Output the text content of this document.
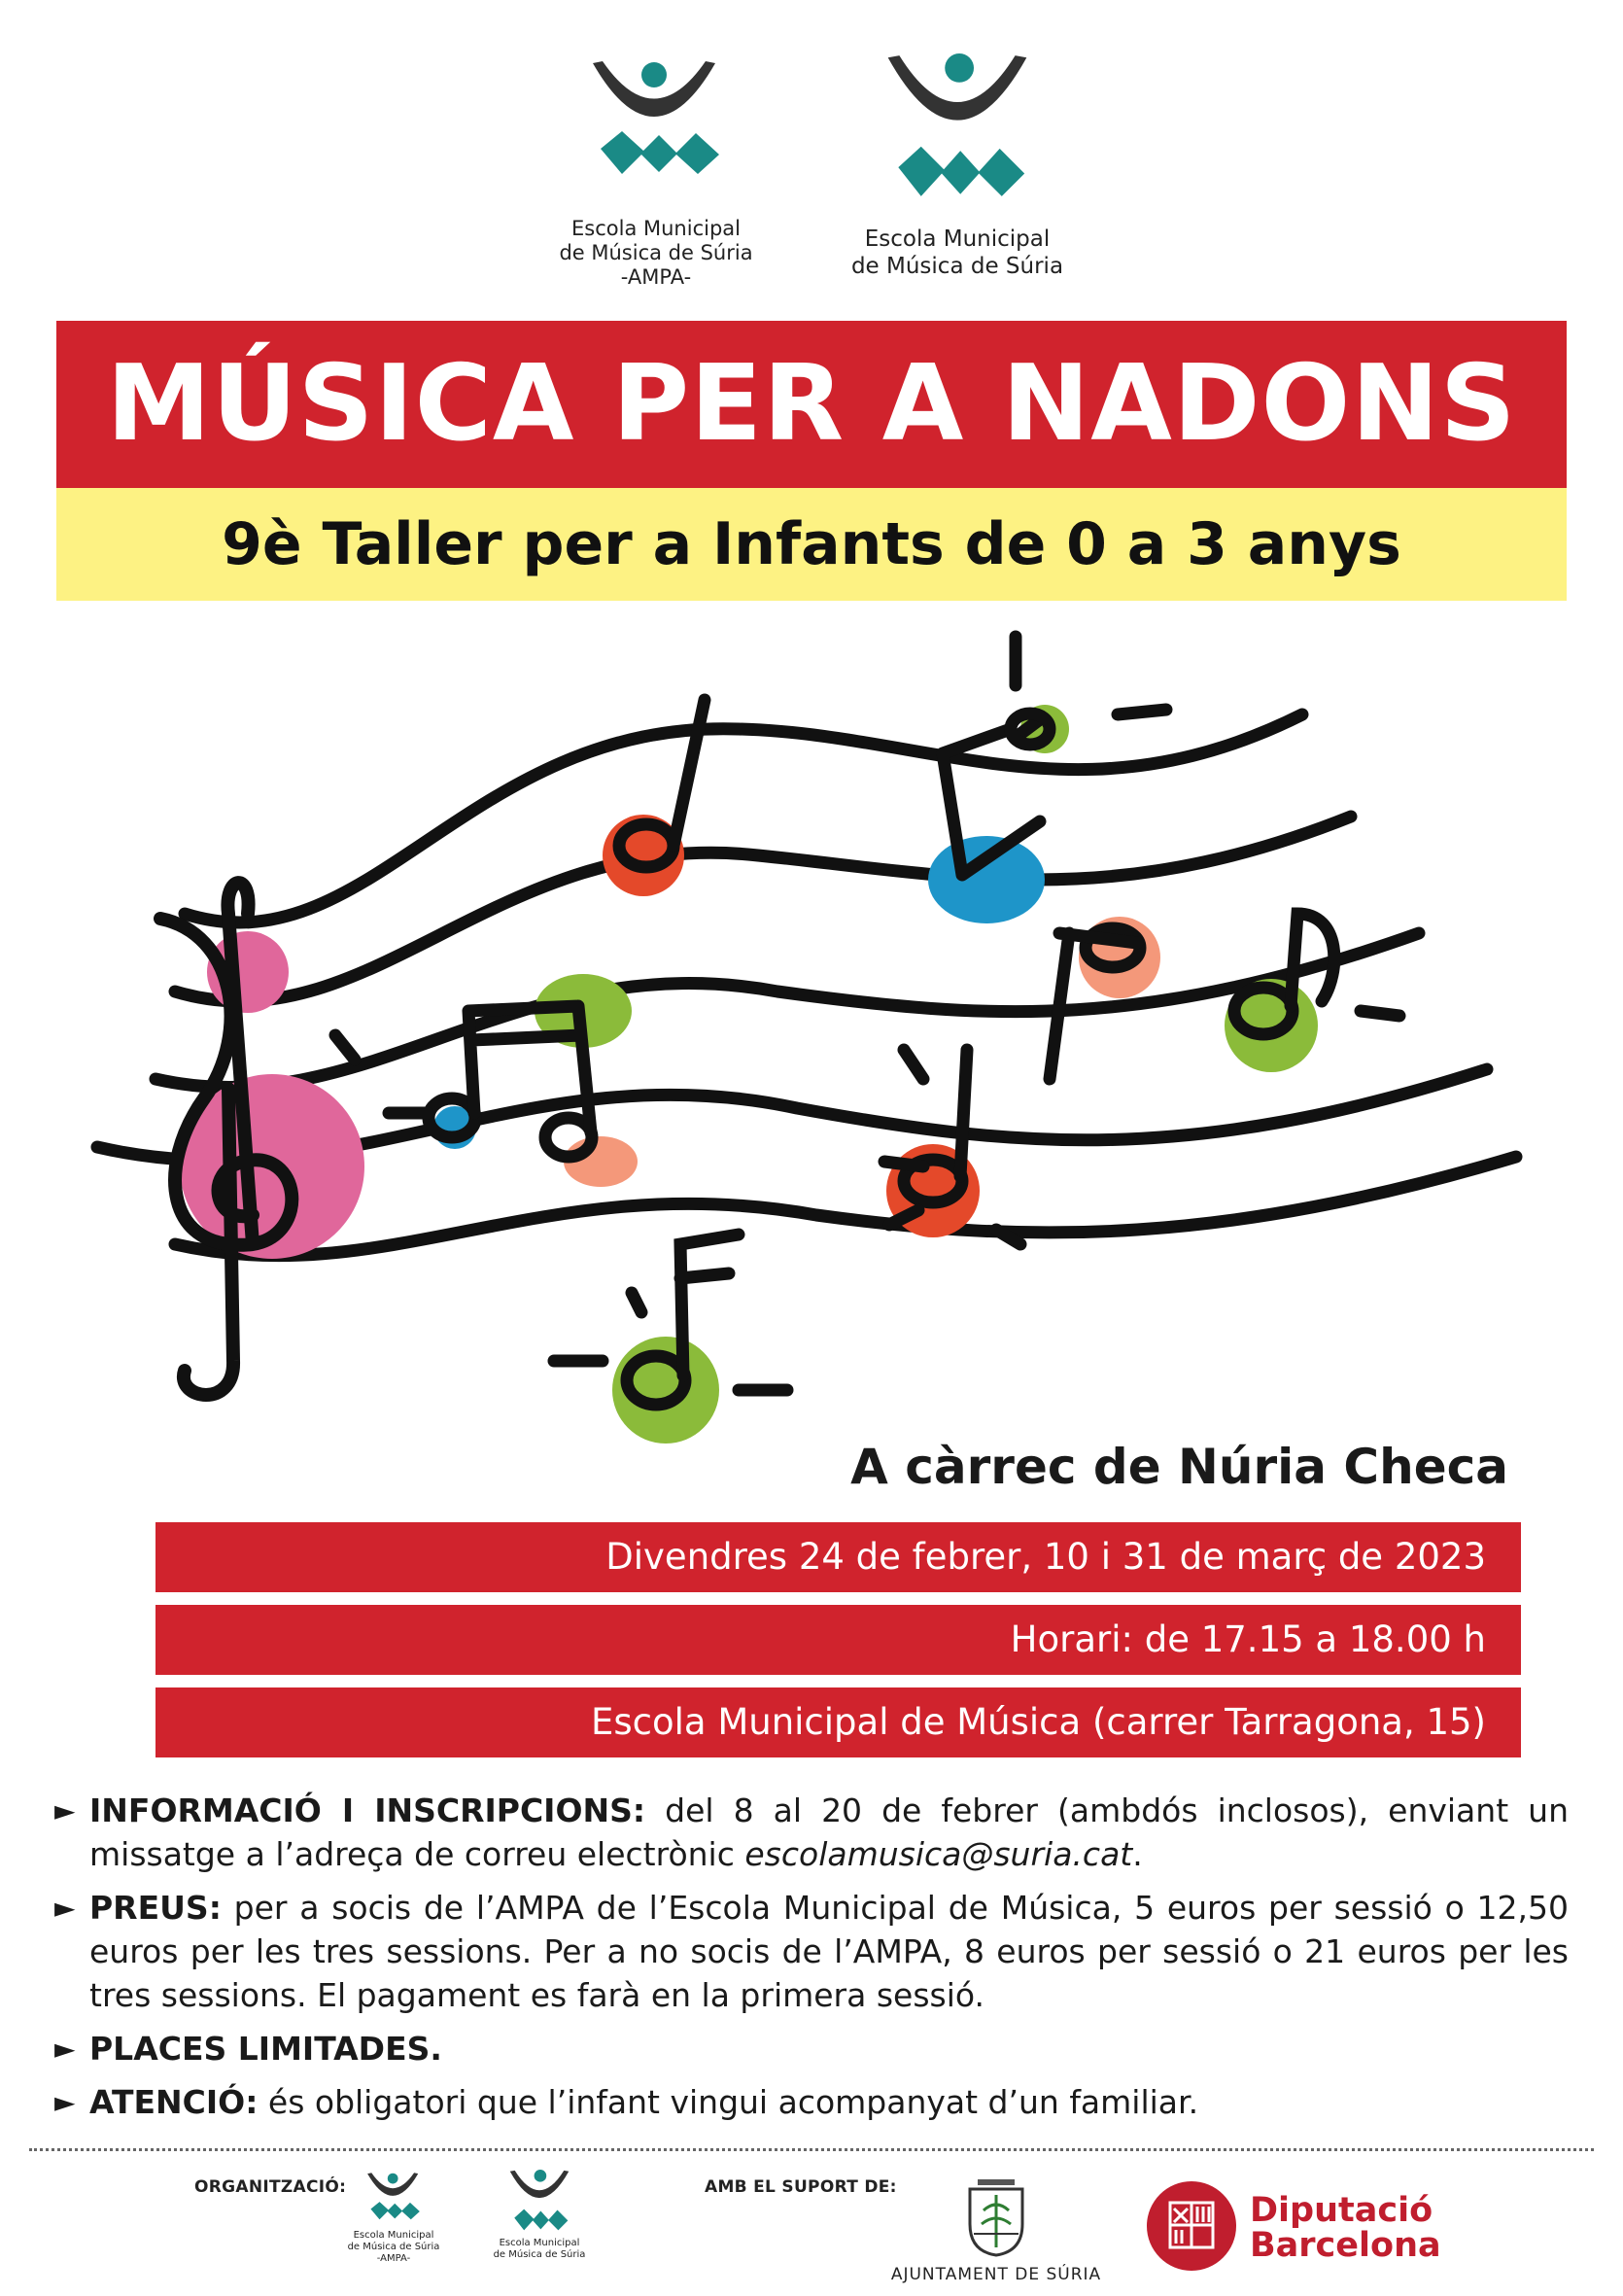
Escola Municipal
de Música de Súria
-AMPA-
Escola Municipal
de Música de Súria
MÚSICA PER A NADONS
9è Taller per a Infants de 0 a 3 anys
A càrrec de Núria Checa
Divendres 24 de febrer, 10 i 31 de març de 2023
Horari: de 17.15 a 18.00 h
Escola Municipal de Música (carrer Tarragona, 15)
► INFORMACIÓ I INSCRIPCIONS: del 8 al 20 de febrer (ambdós inclosos), enviant un missatge a l’adreça de correu electrònic escolamusica@suria.cat.
► PREUS: per a socis de l’AMPA de l’Escola Municipal de Música, 5 euros per sessió o 12,50 euros per les tres sessions. Per a no socis de l’AMPA, 8 euros per sessió o 21 euros per les tres sessions. El pagament es farà en la primera sessió.
► PLACES LIMITADES.
► ATENCIÓ: és obligatori que l’infant vingui acompanyat d’un familiar.
ORGANITZACIÓ:
Escola Municipal
de Música de Súria
-AMPA-
Escola Municipal
de Música de Súria
AMB EL SUPORT DE:
AJUNTAMENT DE SÚRIA
Diputació
Barcelona
